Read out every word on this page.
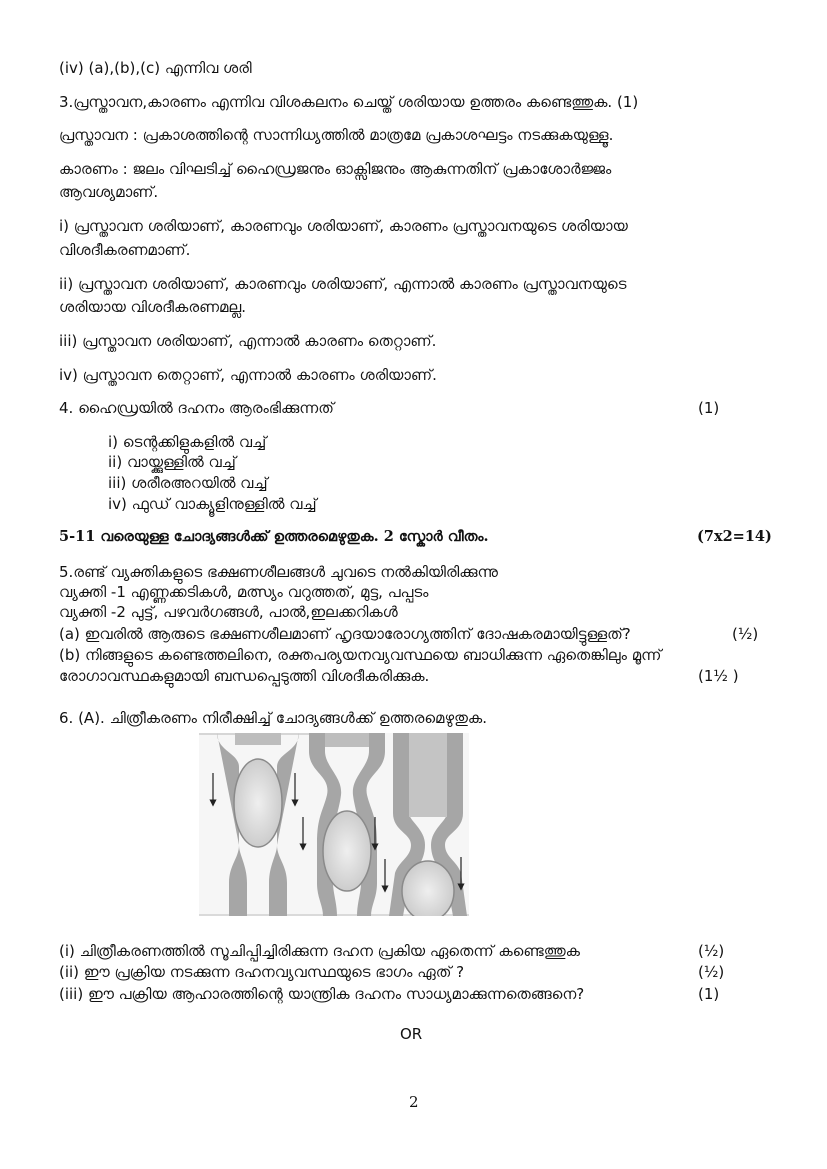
(iv) (a),(b),(c) എന്നിവ ശരി
3.പ്രസ്താവന,കാരണം എന്നിവ വിശകലനം ചെയ്ത് ശരിയായ ഉത്തരം കണ്ടെത്തുക. (1)
പ്രസ്താവന : പ്രകാശത്തിന്റെ സാന്നിധ്യത്തിൽ മാത്രമേ പ്രകാശഘട്ടം നടക്കുകയുള്ളൂ.
കാരണം : ജലം വിഘടിച്ച് ഹൈഡ്രജനും ഓക്സിജനും ആകുന്നതിന് പ്രകാശോർജ്ജം
ആവശ്യമാണ്.
i) പ്രസ്താവന ശരിയാണ്, കാരണവും ശരിയാണ്, കാരണം പ്രസ്താവനയുടെ ശരിയായ
വിശദീകരണമാണ്.
ii) പ്രസ്താവന ശരിയാണ്, കാരണവും ശരിയാണ്, എന്നാൽ കാരണം പ്രസ്താവനയുടെ
ശരിയായ വിശദീകരണമല്ല.
iii) പ്രസ്താവന ശരിയാണ്, എന്നാൽ കാരണം തെറ്റാണ്.
iv) പ്രസ്താവന തെറ്റാണ്, എന്നാൽ കാരണം ശരിയാണ്.
4. ഹൈഡ്രയിൽ ദഹനം ആരംഭിക്കുന്നത്	(1)
i) ടെന്റക്കിളുകളിൽ വച്ച്
ii) വായ്ക്കുള്ളിൽ വച്ച്
iii) ശരീരഅറയിൽ വച്ച്
iv) ഫുഡ് വാക്യൂളിനുള്ളിൽ വച്ച്
5-11 വരെയുള്ള ചോദ്യങ്ങൾക്ക് ഉത്തരമെഴുതുക. 2 സ്കോർ വീതം.	(7x2=14)
5.രണ്ട് വ്യക്തികളുടെ ഭക്ഷണശീലങ്ങൾ ചുവടെ നൽകിയിരിക്കുന്നു
വ്യക്തി -1 എണ്ണക്കടികൾ, മത്സ്യം വറുത്തത്, മുട്ട, പപ്പടം
വ്യക്തി -2 പുട്ട്, പഴവർഗങ്ങൾ, പാൽ,ഇലക്കറികൾ
(a) ഇവരിൽ ആരുടെ ഭക്ഷണശീലമാണ് ഹൃദയാരോഗ്യത്തിന് ദോഷകരമായിട്ടുള്ളത്?	(½)
(b) നിങ്ങളുടെ കണ്ടെത്തലിനെ, രക്തപര്യയനവ്യവസ്ഥയെ ബാധിക്കുന്ന ഏതെങ്കിലും മൂന്ന്
രോഗാവസ്ഥകളുമായി ബന്ധപ്പെടുത്തി വിശദീകരിക്കുക.	(1½ )
6. (A). ചിത്രീകരണം നിരീക്ഷിച്ച് ചോദ്യങ്ങൾക്ക് ഉത്തരമെഴുതുക.
(i) ചിത്രീകരണത്തിൽ സൂചിപ്പിച്ചിരിക്കുന്ന ദഹന പ്രകിയ ഏതെന്ന് കണ്ടെത്തുക	(½)
(ii) ഈ പ്രക്രിയ നടക്കുന്ന ദഹനവ്യവസ്ഥയുടെ ഭാഗം ഏത് ?	(½)
(iii) ഈ പക്രിയ ആഹാരത്തിന്റെ യാന്ത്രിക ദഹനം സാധ്യമാക്കുന്നതെങ്ങനെ?	(1)
OR
2
